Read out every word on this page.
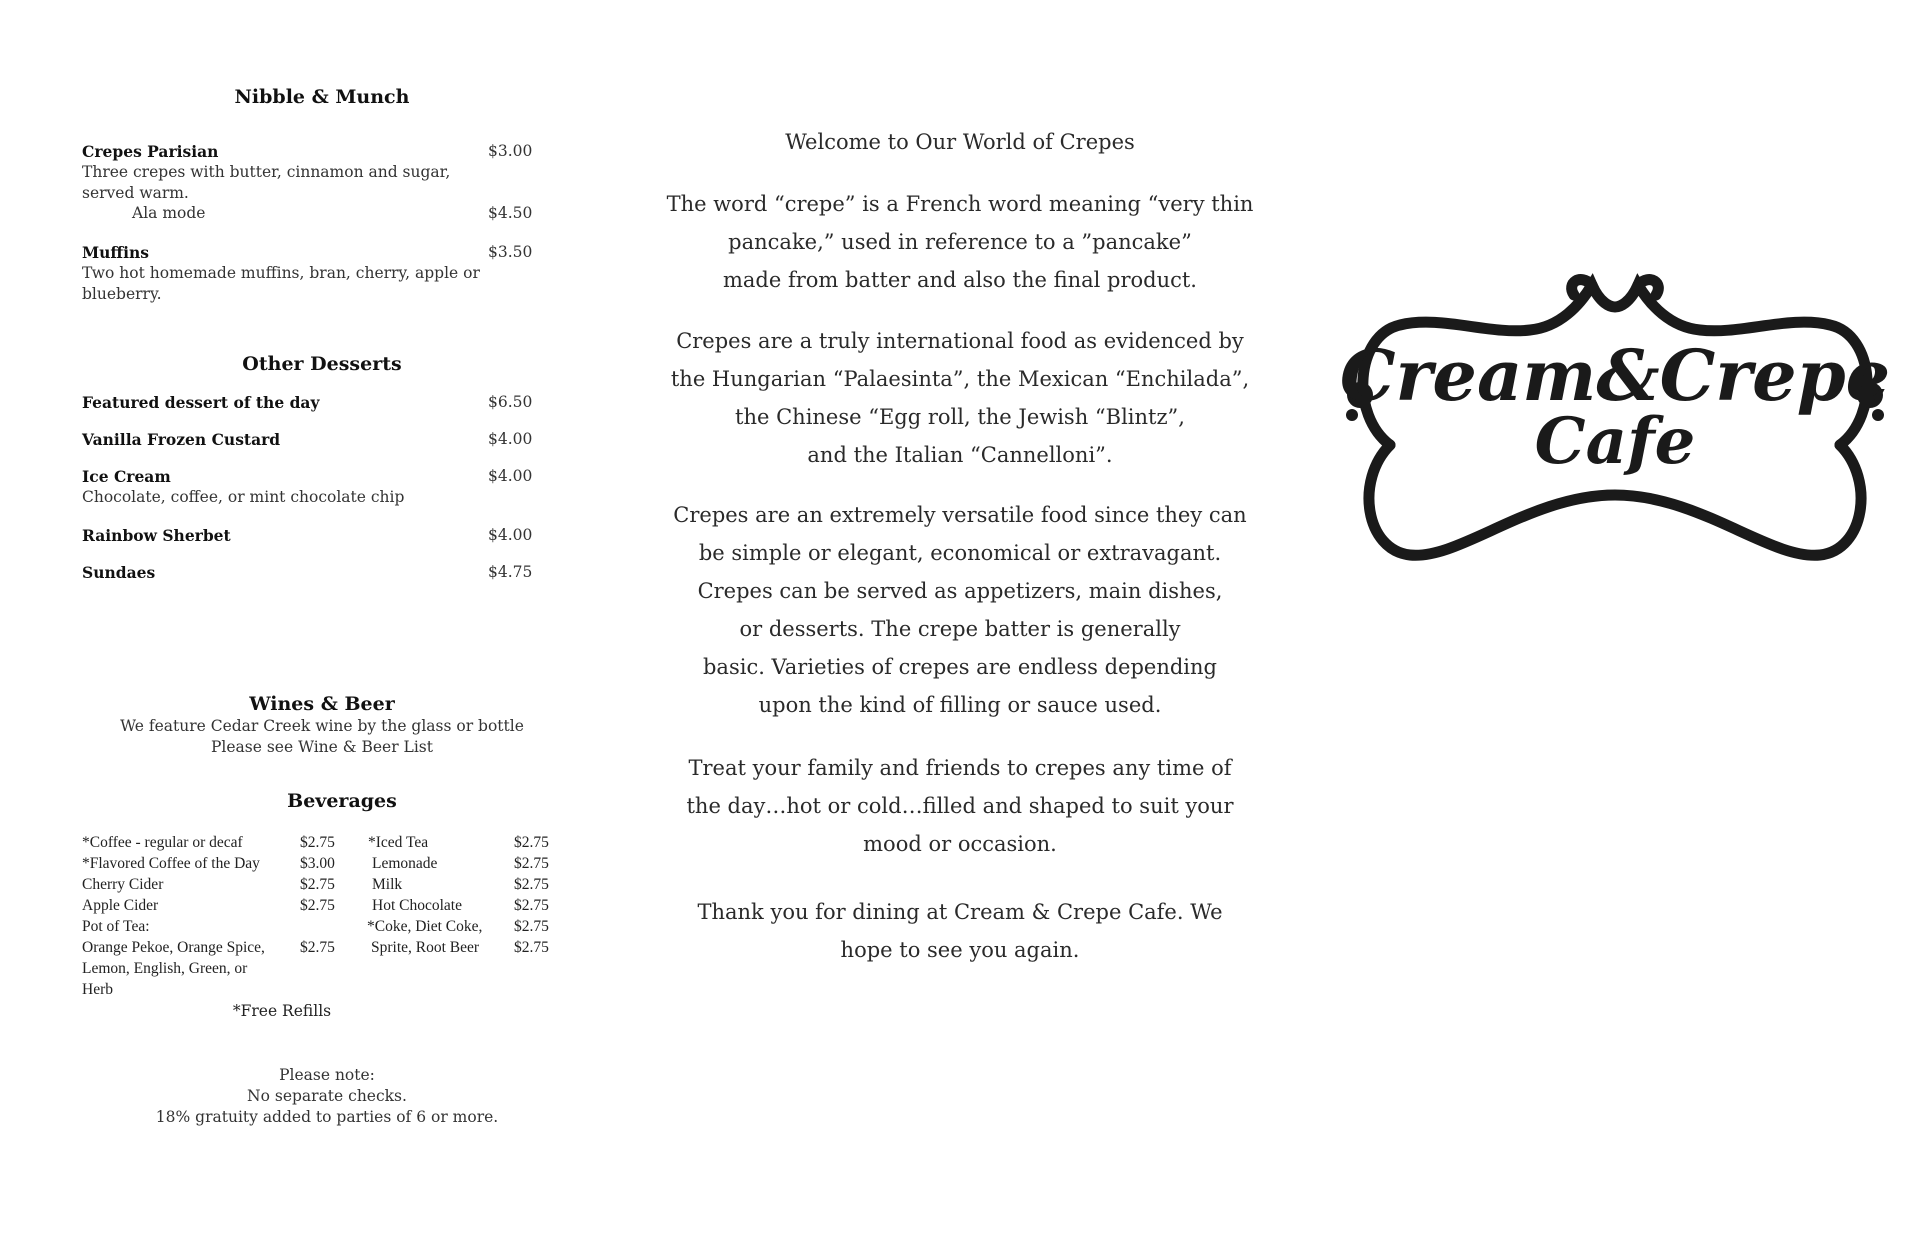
Nibble & Munch
Crepes Parisian	$3.00
Three crepes with butter, cinnamon and sugar, served warm.
Ala mode	$4.50
Muffins	$3.50
Two hot homemade muffins, bran, cherry, apple or blueberry.
Other Desserts
Featured dessert of the day	$6.50
Vanilla Frozen Custard	$4.00
Ice Cream	$4.00
Chocolate, coffee, or mint chocolate chip
Rainbow Sherbet	$4.00
Sundaes	$4.75
Wines & Beer
We feature Cedar Creek wine by the glass or bottle
Please see Wine & Beer List
Beverages
*Coffee - regular or decaf	$2.75
*Flavored Coffee of the Day	$3.00
Cherry Cider	$2.75
Apple Cider	$2.75
Pot of Tea:
Orange Pekoe, Orange Spice, $2.75
Lemon, English, Green, or
Herb
*Iced Tea	$2.75
Lemonade	$2.75
Milk	$2.75
Hot Chocolate	$2.75
*Coke, Diet Coke, $2.75
Sprite, Root Beer $2.75
*Free Refills
Please note:
No separate checks.
18% gratuity added to parties of 6 or more.

Welcome to Our World of Crepes

The word “crepe” is a French word meaning “very thin
pancake,” used in reference to a ”pancake”
made from batter and also the final product.

Crepes are a truly international food as evidenced by
the Hungarian “Palaesinta”, the Mexican “Enchilada”,
the Chinese “Egg roll, the Jewish “Blintz”,
and the Italian “Cannelloni”.

Crepes are an extremely versatile food since they can
be simple or elegant, economical or extravagant.
Crepes can be served as appetizers, main dishes,
or desserts. The crepe batter is generally
basic. Varieties of crepes are endless depending
upon the kind of filling or sauce used.

Treat your family and friends to crepes any time of
the day…hot or cold…filled and shaped to suit your
mood or occasion.

Thank you for dining at Cream & Crepe Cafe. We
hope to see you again.

Cream&Crepe
Cafe
